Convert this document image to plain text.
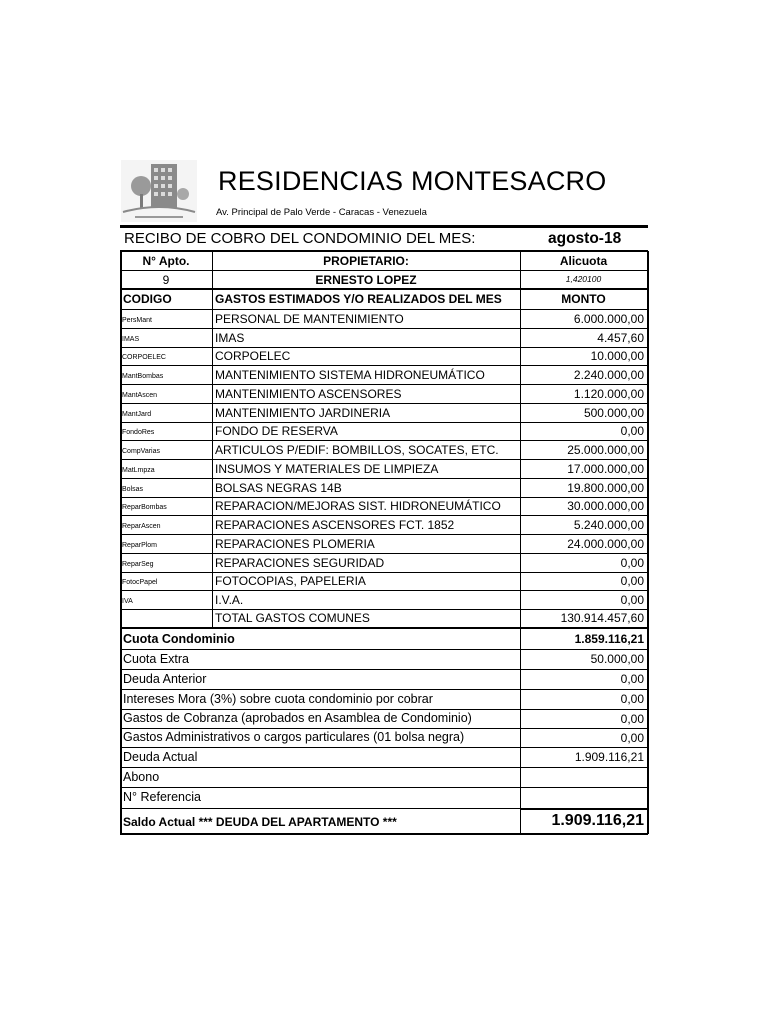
RESIDENCIAS MONTESACRO
Av. Principal de Palo Verde - Caracas - Venezuela
RECIBO DE COBRO DEL CONDOMINIO DEL MES:	agosto-18
N° Apto.	PROPIETARIO:	Alicuota
9	ERNESTO LOPEZ	1,420100
CODIGO	GASTOS ESTIMADOS Y/O REALIZADOS DEL MES	MONTO
PersMant	PERSONAL DE MANTENIMIENTO	6.000.000,00
IMAS	IMAS	4.457,60
CORPOELEC	CORPOELEC	10.000,00
MantBombas	MANTENIMIENTO SISTEMA HIDRONEUMÁTICO	2.240.000,00
MantAscen	MANTENIMIENTO ASCENSORES	1.120.000,00
MantJard	MANTENIMIENTO JARDINERIA	500.000,00
FondoRes	FONDO DE RESERVA	0,00
CompVarias	ARTICULOS P/EDIF: BOMBILLOS, SOCATES, ETC.	25.000.000,00
MatLmpza	INSUMOS Y MATERIALES DE LIMPIEZA	17.000.000,00
Bolsas	BOLSAS NEGRAS 14B	19.800.000,00
ReparBombas	REPARACION/MEJORAS SIST. HIDRONEUMÁTICO	30.000.000,00
ReparAscen	REPARACIONES ASCENSORES FCT. 1852	5.240.000,00
ReparPlom	REPARACIONES PLOMERIA	24.000.000,00
ReparSeg	REPARACIONES SEGURIDAD	0,00
FotocPapel	FOTOCOPIAS, PAPELERIA	0,00
IVA	I.V.A.	0,00
TOTAL GASTOS COMUNES	130.914.457,60
Cuota Condominio	1.859.116,21
Cuota Extra	50.000,00
Deuda Anterior	0,00
Intereses Mora (3%) sobre cuota condominio por cobrar	0,00
Gastos de Cobranza (aprobados en Asamblea de Condominio)	0,00
Gastos Administrativos o cargos particulares (01 bolsa negra)	0,00
Deuda Actual	1.909.116,21
Abono
N° Referencia
Saldo Actual *** DEUDA DEL APARTAMENTO ***	1.909.116,21
